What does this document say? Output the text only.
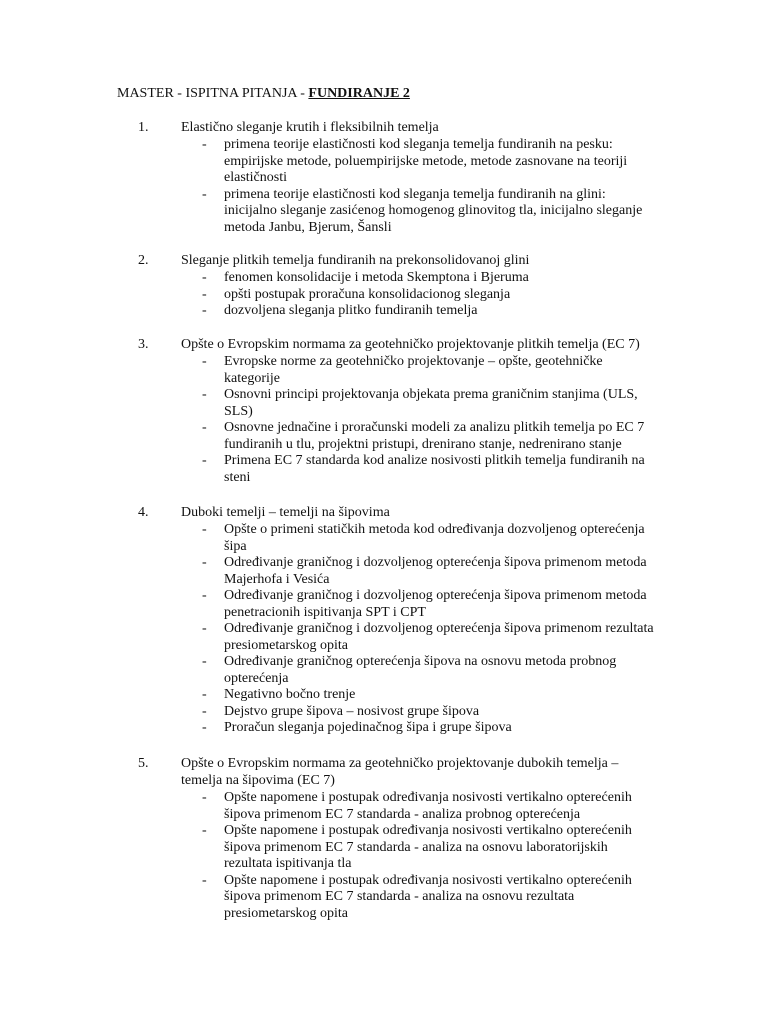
MASTER - ISPITNA PITANJA - FUNDIRANJE 2
1. Elastično sleganje krutih i fleksibilnih temelja
- primena teorije elastičnosti kod sleganja temelja fundiranih na pesku: empirijske metode, poluempirijske metode, metode zasnovane na teoriji elastičnosti
- primena teorije elastičnosti kod sleganja temelja fundiranih na glini: inicijalno sleganje zasićenog homogenog glinovitog tla, inicijalno sleganje metoda Janbu, Bjerum, Šansli
2. Sleganje plitkih temelja fundiranih na prekonsolidovanoj glini
- fenomen konsolidacije i metoda Skemptona i Bjeruma
- opšti postupak proračuna konsolidacionog sleganja
- dozvoljena sleganja plitko fundiranih temelja
3. Opšte o Evropskim normama za geotehničko projektovanje plitkih temelja (EC 7)
- Evropske norme za geotehničko projektovanje – opšte, geotehničke kategorije
- Osnovni principi projektovanja objekata prema graničnim stanjima (ULS, SLS)
- Osnovne jednačine i proračunski modeli za analizu plitkih temelja po EC 7 fundiranih u tlu, projektni pristupi, drenirano stanje, nedrenirano stanje
- Primena EC 7 standarda kod analize nosivosti plitkih temelja fundiranih na steni
4. Duboki temelji – temelji na šipovima
- Opšte o primeni statičkih metoda kod određivanja dozvoljenog opterećenja šipa
- Određivanje graničnog i dozvoljenog opterećenja šipova primenom metoda Majerhofa i Vesića
- Određivanje graničnog i dozvoljenog opterećenja šipova primenom metoda penetracionih ispitivanja SPT i CPT
- Određivanje graničnog i dozvoljenog opterećenja šipova primenom rezultata presiometarskog opita
- Određivanje graničnog opterećenja šipova na osnovu metoda probnog opterećenja
- Negativno bočno trenje
- Dejstvo grupe šipova – nosivost grupe šipova
- Proračun sleganja pojedinačnog šipa i grupe šipova
5. Opšte o Evropskim normama za geotehničko projektovanje dubokih temelja – temelja na šipovima (EC 7)
- Opšte napomene i postupak određivanja nosivosti vertikalno opterećenih šipova primenom EC 7 standarda - analiza probnog opterećenja
- Opšte napomene i postupak određivanja nosivosti vertikalno opterećenih šipova primenom EC 7 standarda - analiza na osnovu laboratorijskih rezultata ispitivanja tla
- Opšte napomene i postupak određivanja nosivosti vertikalno opterećenih šipova primenom EC 7 standarda - analiza na osnovu rezultata presiometarskog opita
